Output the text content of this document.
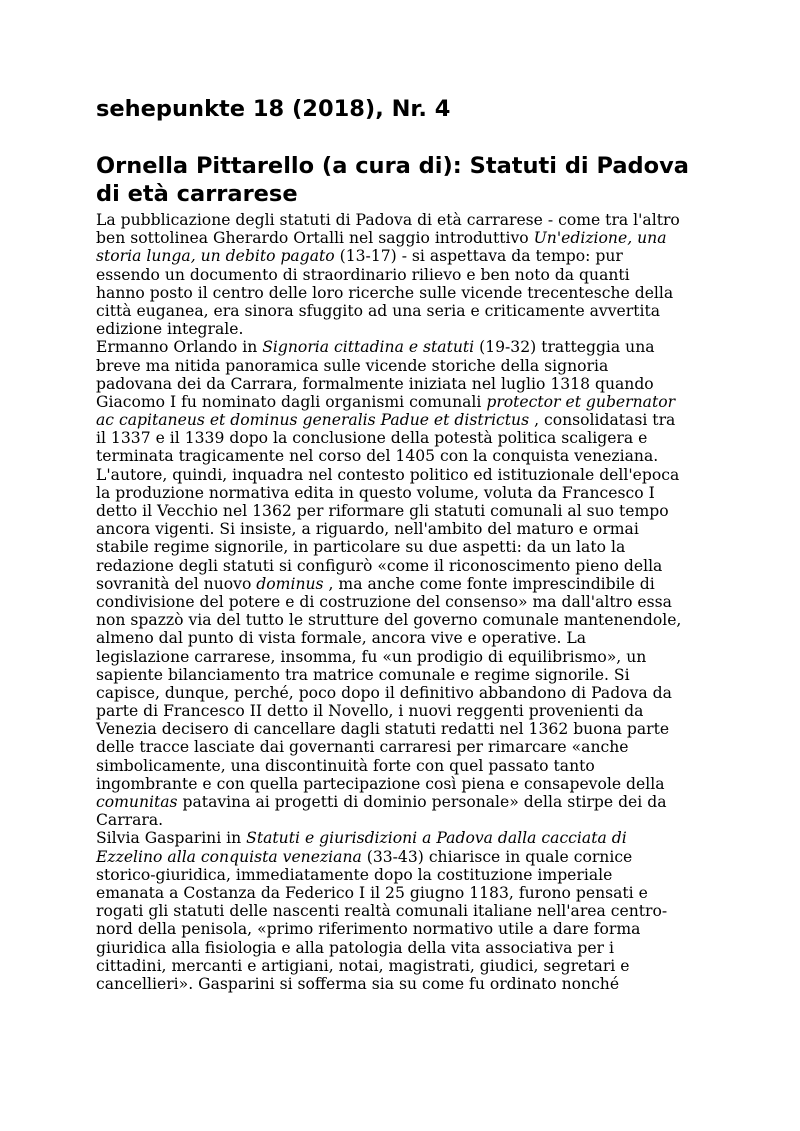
sehepunkte 18 (2018), Nr. 4
Ornella Pittarello (a cura di): Statuti di Padova
di età carrarese
La pubblicazione degli statuti di Padova di età carrarese - come tra l'altro
ben sottolinea Gherardo Ortalli nel saggio introduttivo Un'edizione, una
storia lunga, un debito pagato (13-17) - si aspettava da tempo: pur
essendo un documento di straordinario rilievo e ben noto da quanti
hanno posto il centro delle loro ricerche sulle vicende trecentesche della
città euganea, era sinora sfuggito ad una seria e criticamente avvertita
edizione integrale.
Ermanno Orlando in Signoria cittadina e statuti (19-32) tratteggia una
breve ma nitida panoramica sulle vicende storiche della signoria
padovana dei da Carrara, formalmente iniziata nel luglio 1318 quando
Giacomo I fu nominato dagli organismi comunali protector et gubernator
ac capitaneus et dominus generalis Padue et districtus , consolidatasi tra
il 1337 e il 1339 dopo la conclusione della potestà politica scaligera e
terminata tragicamente nel corso del 1405 con la conquista veneziana.
L'autore, quindi, inquadra nel contesto politico ed istituzionale dell'epoca
la produzione normativa edita in questo volume, voluta da Francesco I
detto il Vecchio nel 1362 per riformare gli statuti comunali al suo tempo
ancora vigenti. Si insiste, a riguardo, nell'ambito del maturo e ormai
stabile regime signorile, in particolare su due aspetti: da un lato la
redazione degli statuti si configurò «come il riconoscimento pieno della
sovranità del nuovo dominus , ma anche come fonte imprescindibile di
condivisione del potere e di costruzione del consenso» ma dall'altro essa
non spazzò via del tutto le strutture del governo comunale mantenendole,
almeno dal punto di vista formale, ancora vive e operative. La
legislazione carrarese, insomma, fu «un prodigio di equilibrismo», un
sapiente bilanciamento tra matrice comunale e regime signorile. Si
capisce, dunque, perché, poco dopo il definitivo abbandono di Padova da
parte di Francesco II detto il Novello, i nuovi reggenti provenienti da
Venezia decisero di cancellare dagli statuti redatti nel 1362 buona parte
delle tracce lasciate dai governanti carraresi per rimarcare «anche
simbolicamente, una discontinuità forte con quel passato tanto
ingombrante e con quella partecipazione così piena e consapevole della
comunitas patavina ai progetti di dominio personale» della stirpe dei da
Carrara.
Silvia Gasparini in Statuti e giurisdizioni a Padova dalla cacciata di
Ezzelino alla conquista veneziana (33-43) chiarisce in quale cornice
storico-giuridica, immediatamente dopo la costituzione imperiale
emanata a Costanza da Federico I il 25 giugno 1183, furono pensati e
rogati gli statuti delle nascenti realtà comunali italiane nell'area centro-
nord della penisola, «primo riferimento normativo utile a dare forma
giuridica alla fisiologia e alla patologia della vita associativa per i
cittadini, mercanti e artigiani, notai, magistrati, giudici, segretari e
cancellieri». Gasparini si sofferma sia su come fu ordinato nonché
